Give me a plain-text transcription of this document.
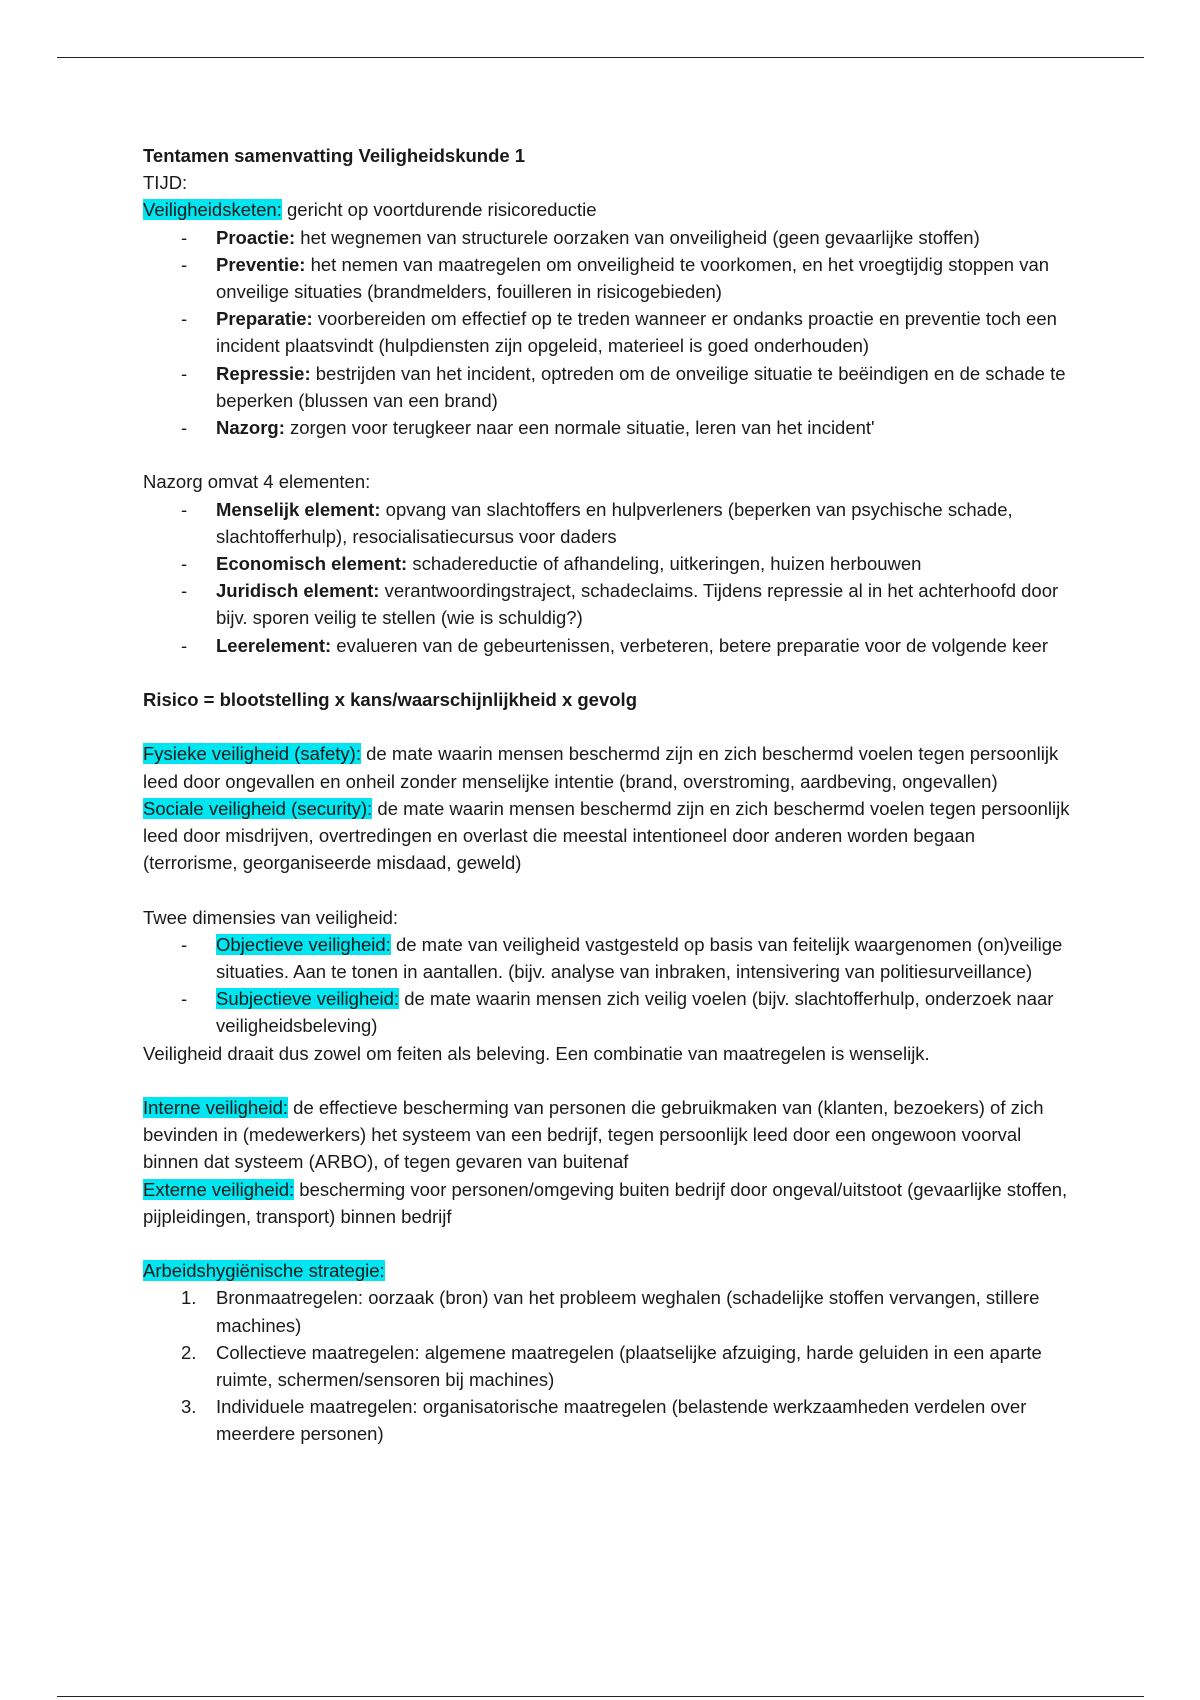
Tentamen samenvatting Veiligheidskunde 1

TIJD:

Veiligheidsketen: gericht op voortdurende risicoreductie

- Proactie: het wegnemen van structurele oorzaken van onveiligheid (geen gevaarlijke stoffen)
- Preventie: het nemen van maatregelen om onveiligheid te voorkomen, en het vroegtijdig stoppen van onveilige situaties (brandmelders, fouilleren in risicogebieden)
- Preparatie: voorbereiden om effectief op te treden wanneer er ondanks proactie en preventie toch een incident plaatsvindt (hulpdiensten zijn opgeleid, materieel is goed onderhouden)
- Repressie: bestrijden van het incident, optreden om de onveilige situatie te beëindigen en de schade te beperken (blussen van een brand)
- Nazorg: zorgen voor terugkeer naar een normale situatie, leren van het incident'

Nazorg omvat 4 elementen:

- Menselijk element: opvang van slachtoffers en hulpverleners (beperken van psychische schade, slachtofferhulp), resocialisatiecursus voor daders
- Economisch element: schadereductie of afhandeling, uitkeringen, huizen herbouwen
- Juridisch element: verantwoordingstraject, schadeclaims. Tijdens repressie al in het achterhoofd door bijv. sporen veilig te stellen (wie is schuldig?)
- Leerelement: evalueren van de gebeurtenissen, verbeteren, betere preparatie voor de volgende keer

Risico = blootstelling x kans/waarschijnlijkheid x gevolg

Fysieke veiligheid (safety): de mate waarin mensen beschermd zijn en zich beschermd voelen tegen persoonlijk leed door ongevallen en onheil zonder menselijke intentie (brand, overstroming, aardbeving, ongevallen)

Sociale veiligheid (security): de mate waarin mensen beschermd zijn en zich beschermd voelen tegen persoonlijk leed door misdrijven, overtredingen en overlast die meestal intentioneel door anderen worden begaan (terrorisme, georganiseerde misdaad, geweld)

Twee dimensies van veiligheid:

- Objectieve veiligheid: de mate van veiligheid vastgesteld op basis van feitelijk waargenomen (on)veilige situaties. Aan te tonen in aantallen. (bijv. analyse van inbraken, intensivering van politiesurveillance)
- Subjectieve veiligheid: de mate waarin mensen zich veilig voelen (bijv. slachtofferhulp, onderzoek naar veiligheidsbeleving)

Veiligheid draait dus zowel om feiten als beleving. Een combinatie van maatregelen is wenselijk.

Interne veiligheid: de effectieve bescherming van personen die gebruikmaken van (klanten, bezoekers) of zich bevinden in (medewerkers) het systeem van een bedrijf, tegen persoonlijk leed door een ongewoon voorval binnen dat systeem (ARBO), of tegen gevaren van buitenaf

Externe veiligheid: bescherming voor personen/omgeving buiten bedrijf door ongeval/uitstoot (gevaarlijke stoffen, pijpleidingen, transport) binnen bedrijf

Arbeidshygiënische strategie:

1. Bronmaatregelen: oorzaak (bron) van het probleem weghalen (schadelijke stoffen vervangen, stillere machines)
2. Collectieve maatregelen: algemene maatregelen (plaatselijke afzuiging, harde geluiden in een aparte ruimte, schermen/sensoren bij machines)
3. Individuele maatregelen: organisatorische maatregelen (belastende werkzaamheden verdelen over meerdere personen)
